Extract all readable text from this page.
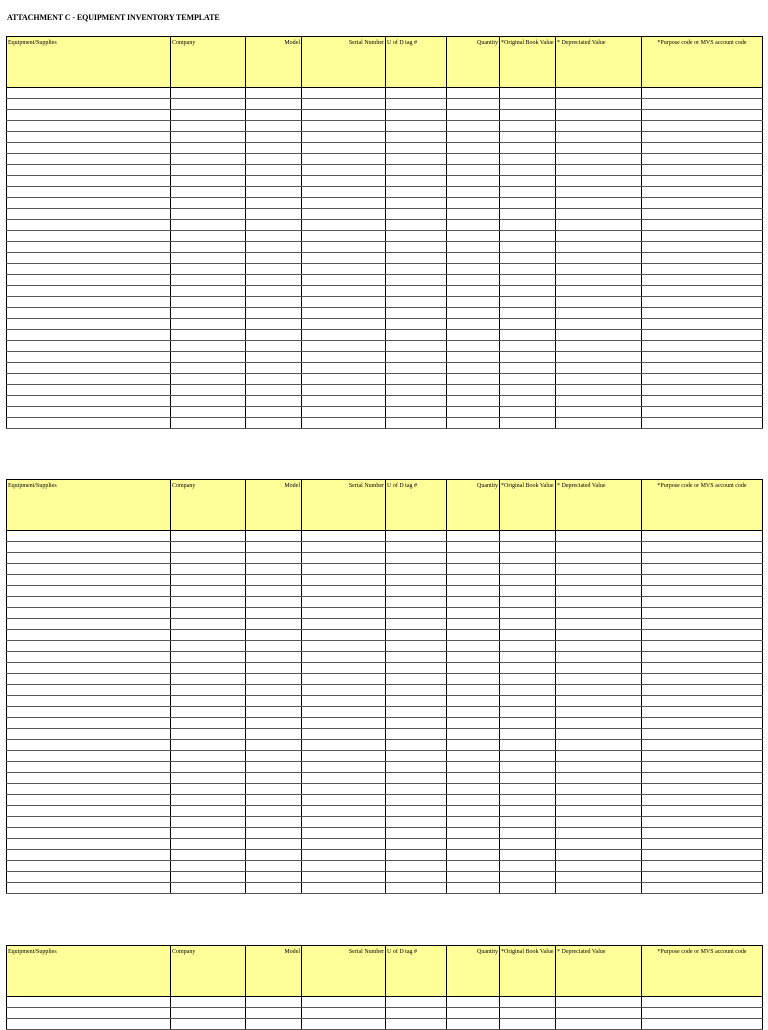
ATTACHMENT C - EQUIPMENT INVENTORY TEMPLATE
Equipment/Supplies	Company	Model	Serial Number	U of D tag #	Quantity	*Original Book Value	* Depreciated Value	*Purpose code or MVS account code

Equipment/Supplies	Company	Model	Serial Number	U of D tag #	Quantity	*Original Book Value	* Depreciated Value	*Purpose code or MVS account code

Equipment/Supplies	Company	Model	Serial Number	U of D tag #	Quantity	*Original Book Value	* Depreciated Value	*Purpose code or MVS account code
